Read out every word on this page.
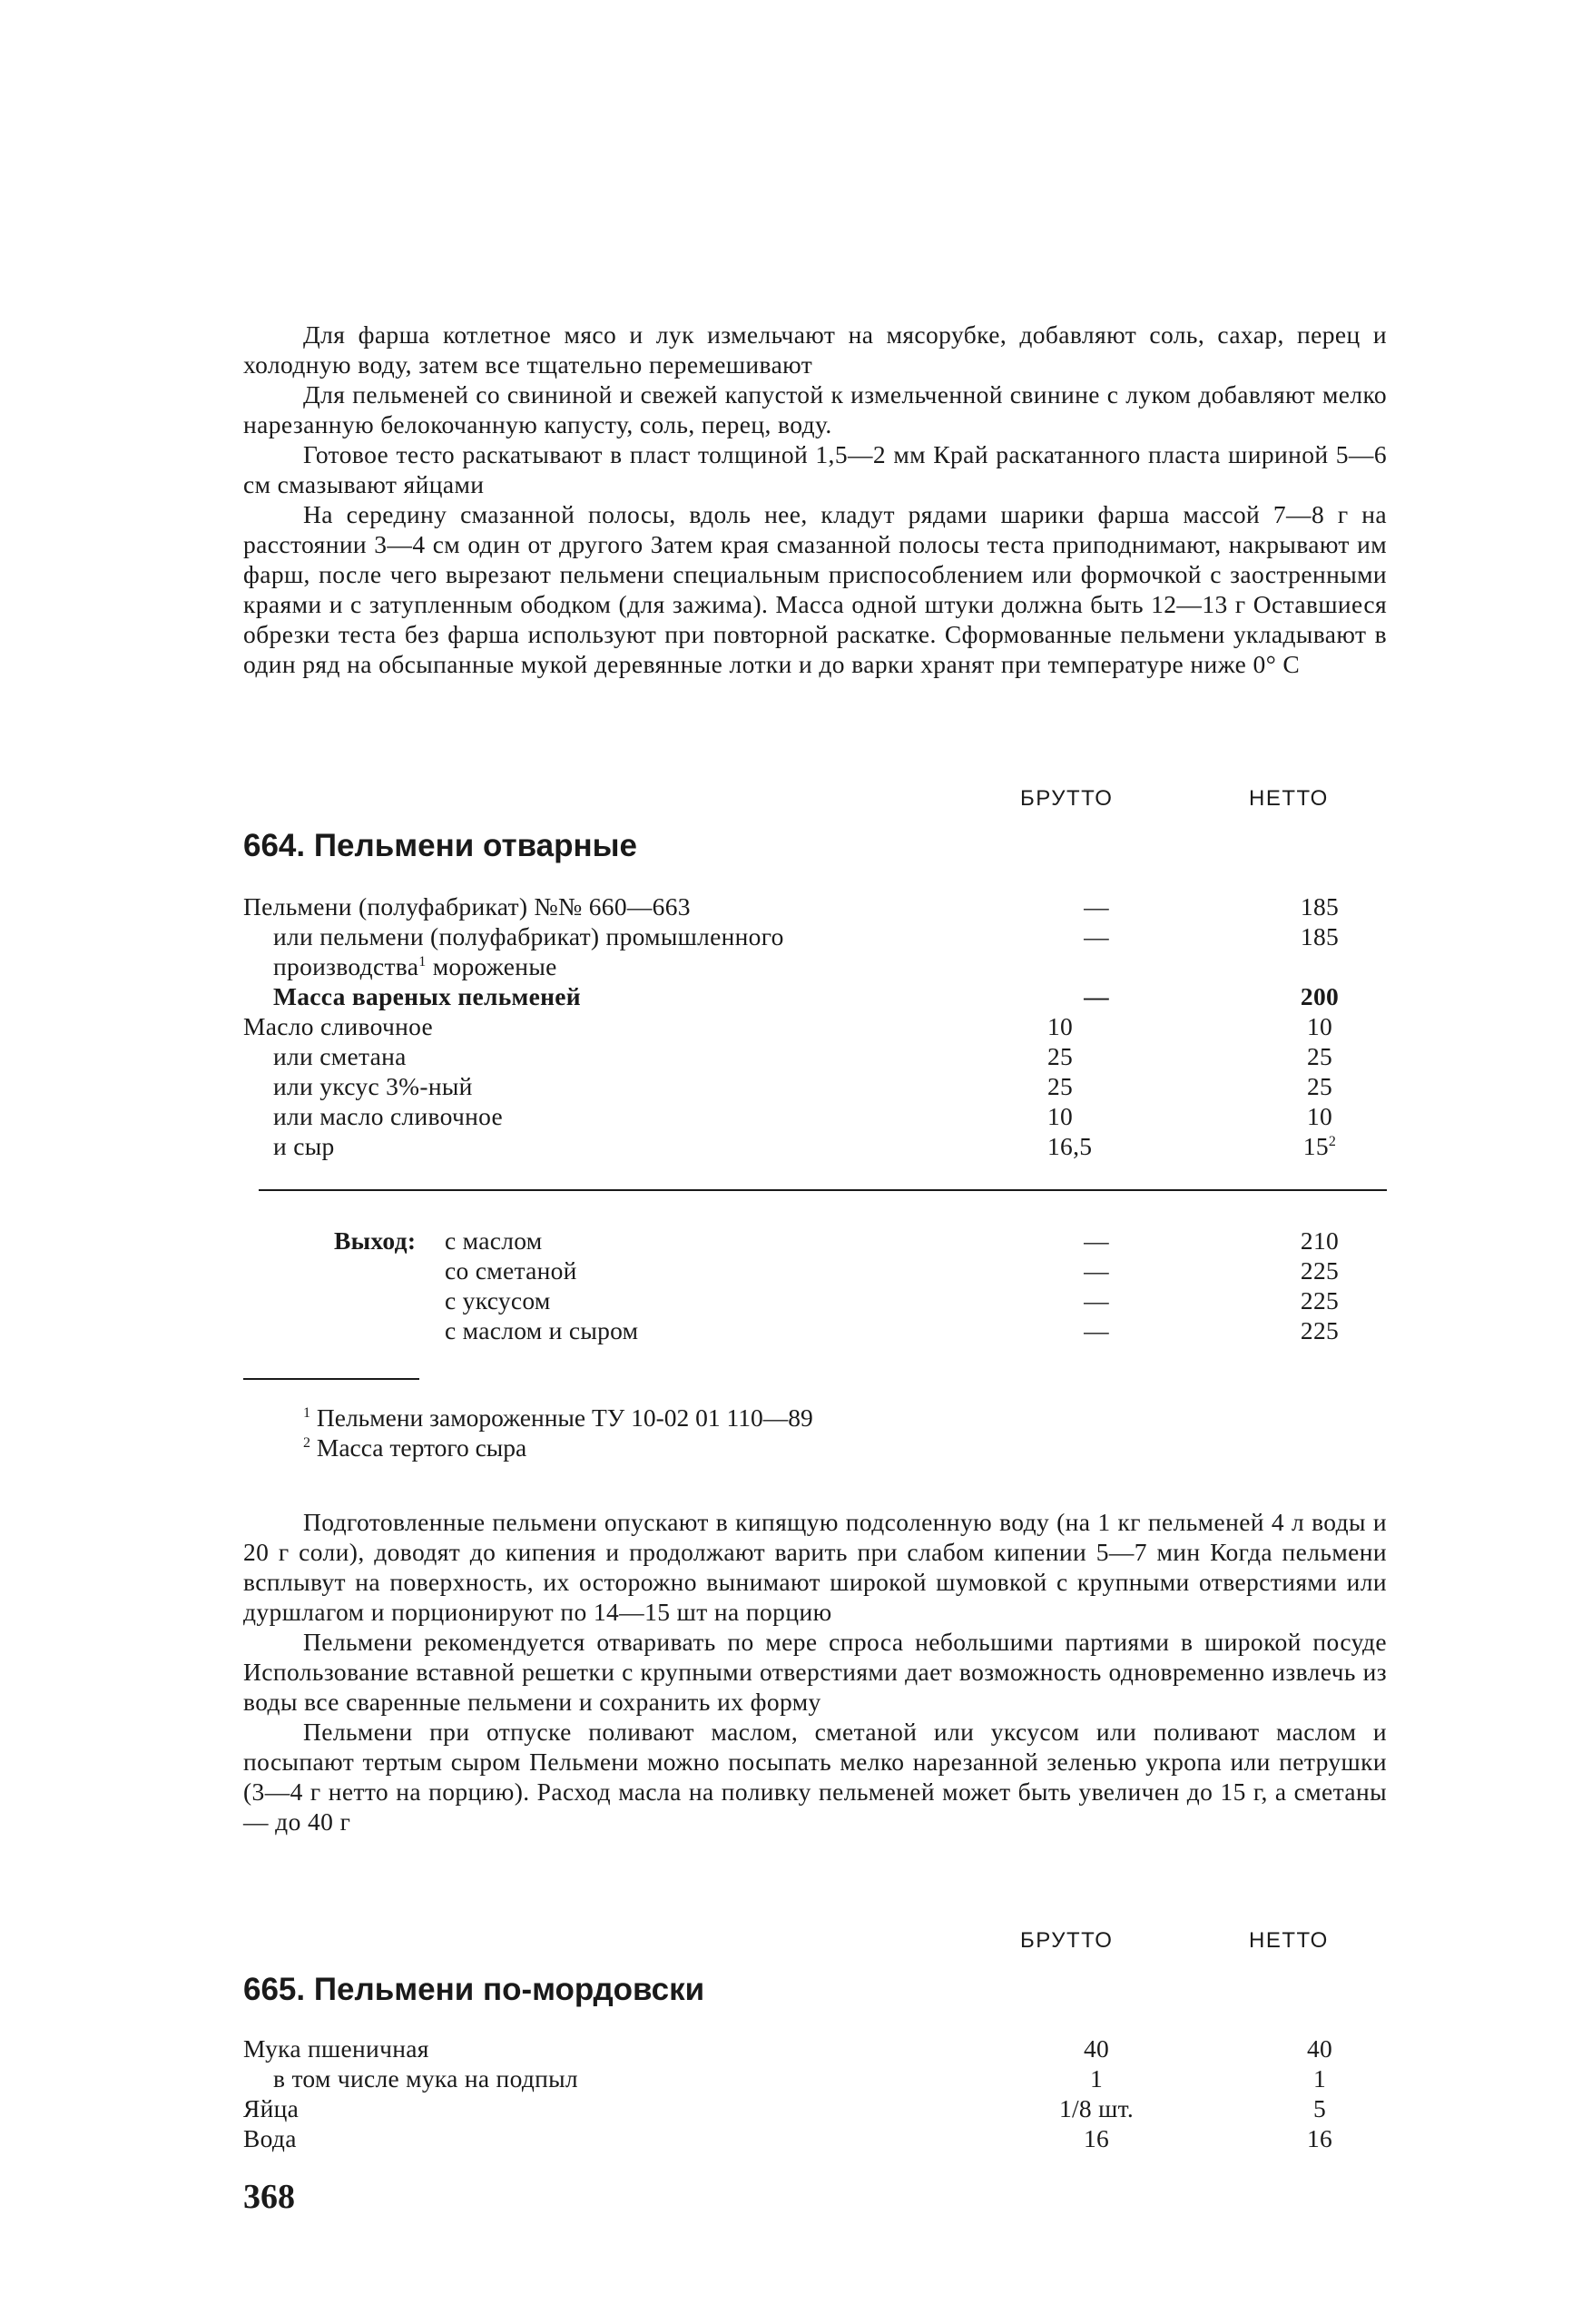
Для фарша котлетное мясо и лук измельчают на мясорубке, добавляют соль, сахар, перец и холодную воду, затем все тщательно перемешивают

Для пельменей со свининой и свежей капустой к измельченной свинине с луком добавляют мелко нарезанную белокочанную капусту, соль, перец, воду.

Готовое тесто раскатывают в пласт толщиной 1,5—2 мм Край раскатанного пласта шириной 5—6 см смазывают яйцами

На середину смазанной полосы, вдоль нее, кладут рядами шарики фарша массой 7—8 г на расстоянии 3—4 см один от другого Затем края смазанной полосы теста приподнимают, накрывают им фарш, после чего вырезают пельмени специальным приспособлением или формочкой с заостренными краями и с затупленным ободком (для зажима). Масса одной штуки должна быть 12—13 г Оставшиеся обрезки теста без фарша используют при повторной раскатке. Сформованные пельмени укладывают в один ряд на обсыпанные мукой деревянные лотки и до варки хранят при температуре ниже 0° С

БРУТТО	НЕТТО
664. Пельмени отварные
Пельмени (полуфабрикат) №№ 660—663	—	185
или пельмени (полуфабрикат) промышленного	—	185
производства$^1$ мороженые
Масса вареных пельменей	—	200
Масло сливочное	10	10
или сметана	25	25
или уксус 3%-ный	25	25
или масло сливочное	10	10
и сыр	16,5	$15^2$
Выход: с маслом	—	210
со сметаной	—	225
с уксусом	—	225
с маслом и сыром	—	225
$^1$ Пельмени замороженные ТУ 10-02 01 110—89
$^2$ Масса тертого сыра

Подготовленные пельмени опускают в кипящую подсоленную воду (на 1 кг пельменей 4 л воды и 20 г соли), доводят до кипения и продолжают варить при слабом кипении 5—7 мин Когда пельмени всплывут на поверхность, их осторожно вынимают широкой шумовкой с крупными отверстиями или дуршлагом и порционируют по 14—15 шт на порцию

Пельмени рекомендуется отваривать по мере спроса небольшими партиями в широкой посуде Использование вставной решетки с крупными отверстиями дает возможность одновременно извлечь из воды все сваренные пельмени и сохранить их форму

Пельмени при отпуске поливают маслом, сметаной или уксусом или поливают маслом и посыпают тертым сыром Пельмени можно посыпать мелко нарезанной зеленью укропа или петрушки (3—4 г нетто на порцию). Расход масла на поливку пельменей может быть увеличен до 15 г, а сметаны — до 40 г

БРУТТО	НЕТТО
665. Пельмени по-мордовски
Мука пшеничная	40	40
в том числе мука на подпыл	1	1
Яйца	1/8 шт.	5
Вода	16	16
368
